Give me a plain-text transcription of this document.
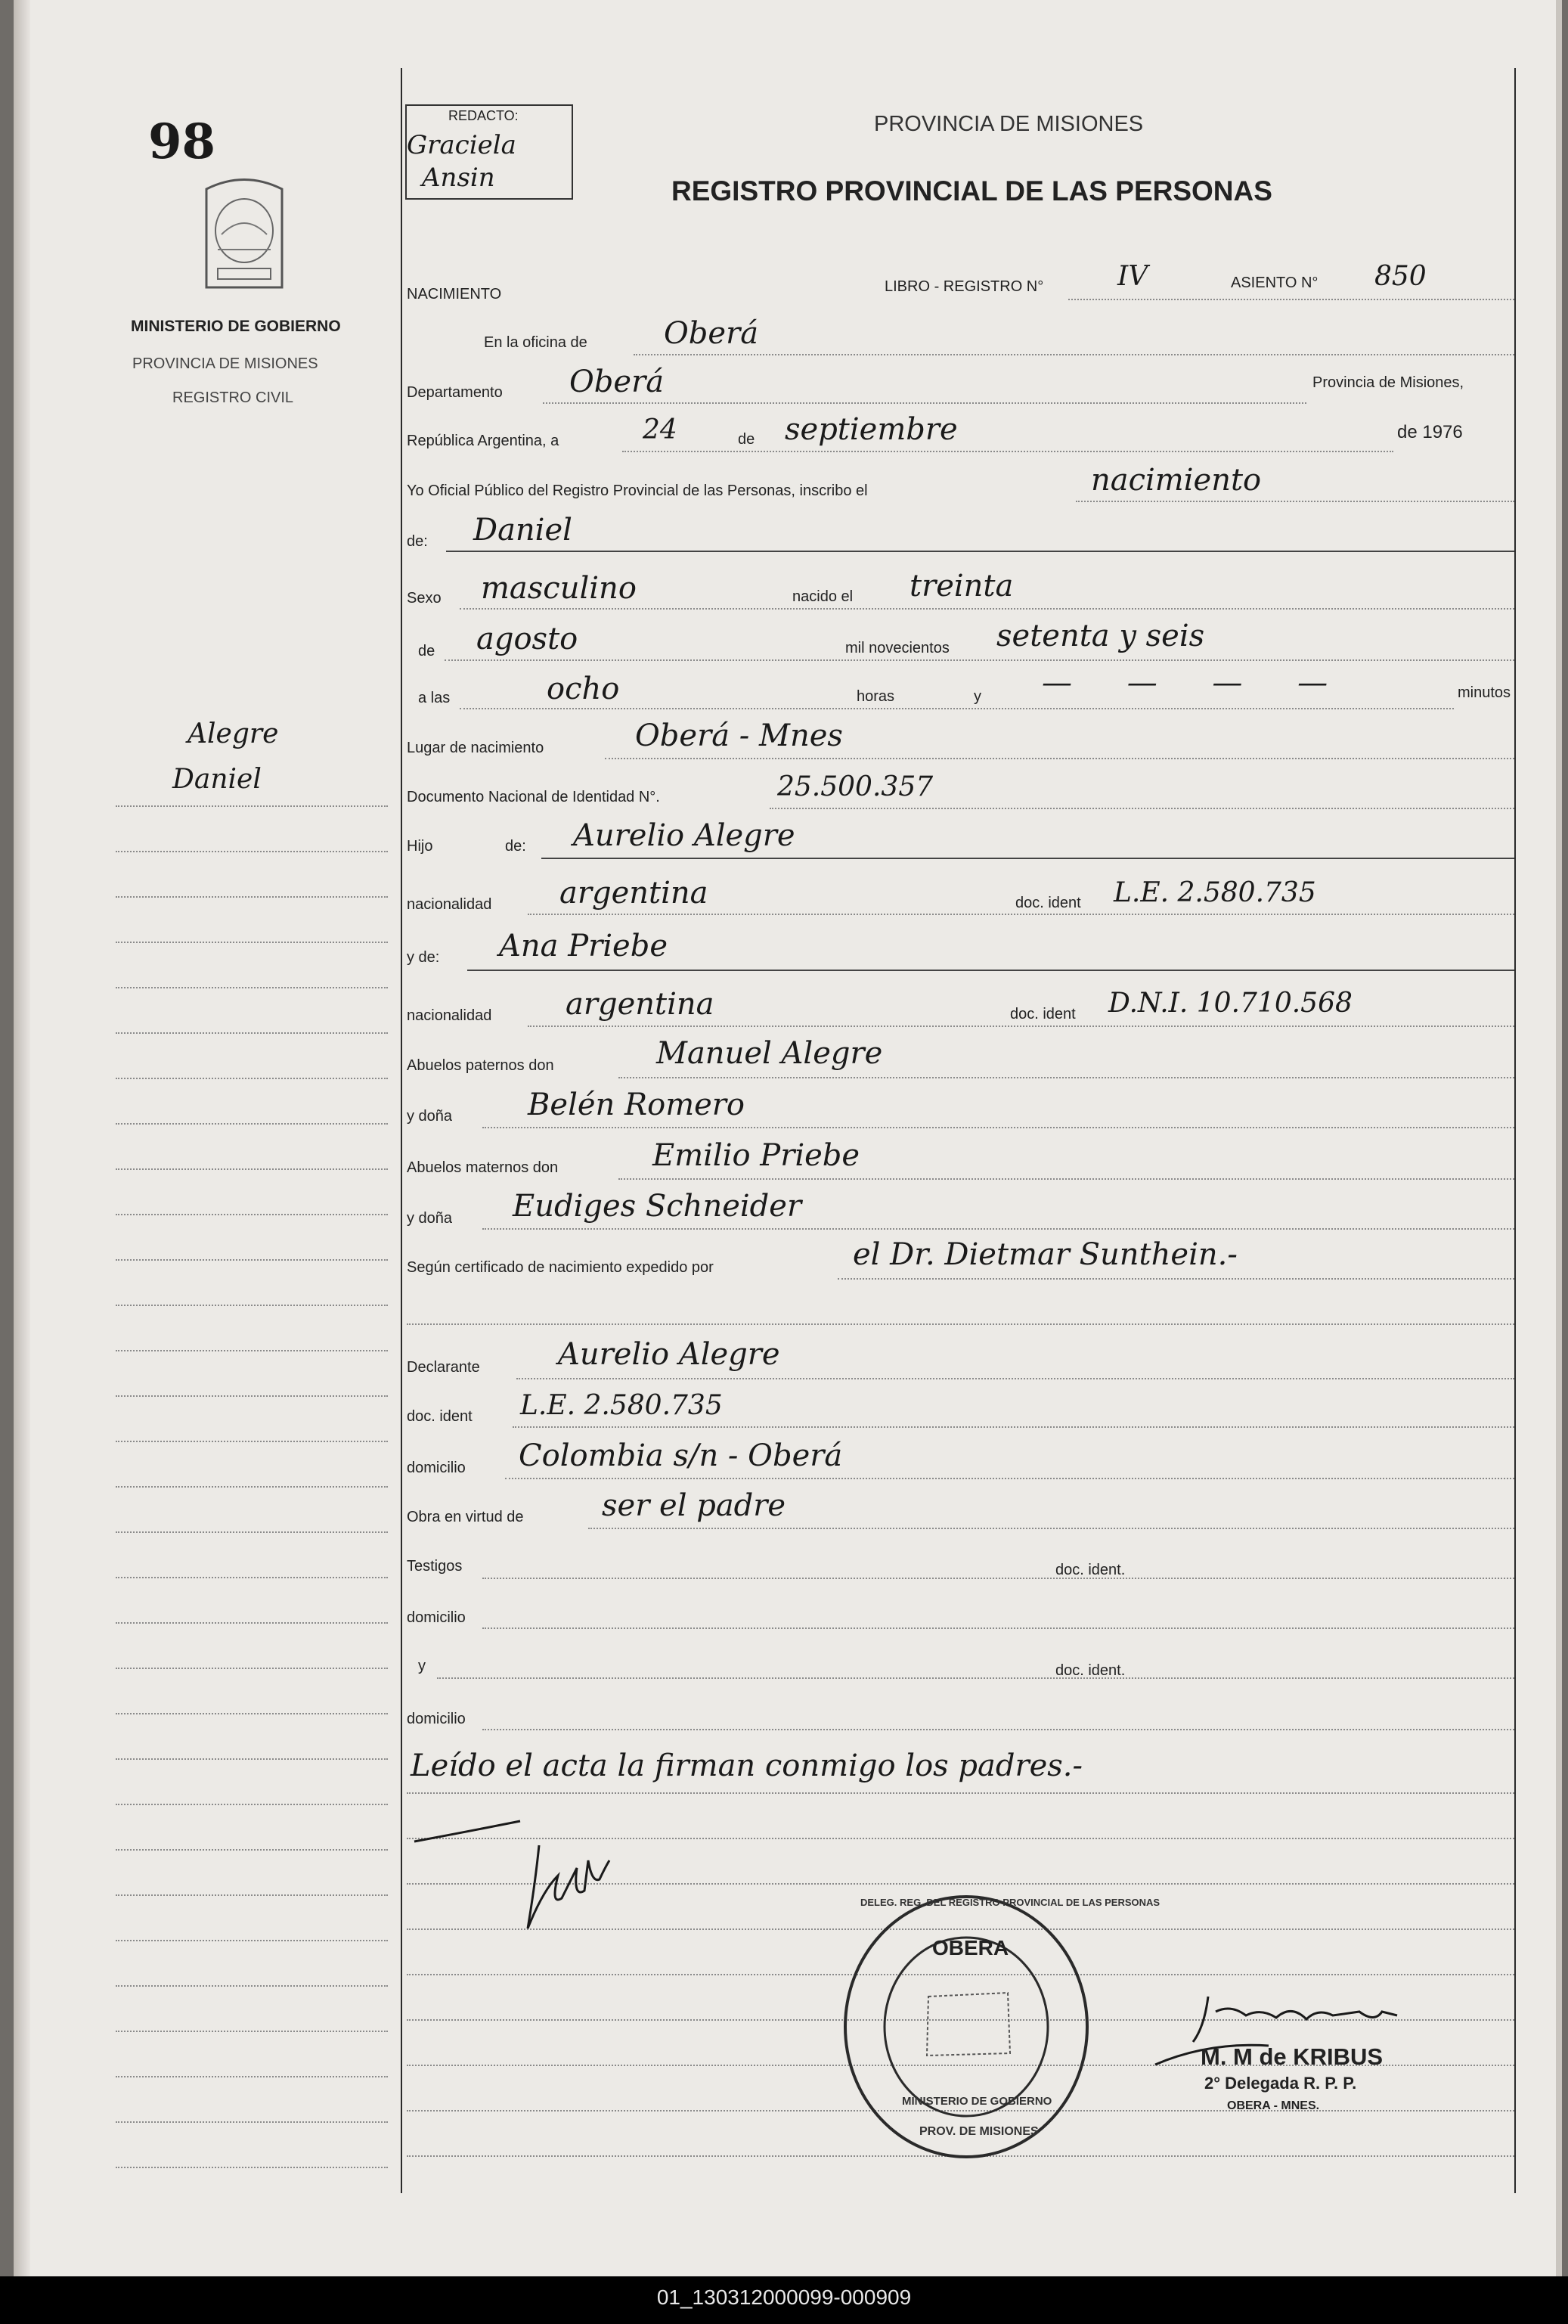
98
MINISTERIO DE GOBIERNO
PROVINCIA DE MISIONES
REGISTRO CIVIL
Alegre
Daniel
REDACTO:
Graciela
Ansin
PROVINCIA DE MISIONES
REGISTRO PROVINCIAL DE LAS PERSONAS
NACIMIENTO	LIBRO - REGISTRO N°	IV	ASIENTO N° 850
En la oficina de	Oberá
Departamento Oberá	Provincia de Misiones,
República Argentina, a	24	de septiembre	de 1976
Yo Oficial Público del Registro Provincial de las Personas, inscribo el	nacimiento
de: Daniel
Sexo masculino	nacido el treinta
de agosto	mil novecientos setenta y seis
a las	ocho	horas	y — — — —	minutos
Lugar de nacimiento	Oberá - Mnes
Documento Nacional de Identidad N°.	25.500.357
Hijo	de: Aurelio Alegre
nacionalidad argentina	doc. ident L.E. 2.580.735
y de: Ana Priebe
nacionalidad argentina	doc. ident D.N.I. 10.710.568
Abuelos paternos don	Manuel Alegre
y doña Belén Romero
Abuelos maternos don	Emilio Priebe
y doña Eudiges Schneider
Según certificado de nacimiento expedido por	el Dr. Dietmar Sunthein.-
Declarante	Aurelio Alegre
doc. ident L.E. 2.580.735
domicilio Colombia s/n - Oberá
Obra en virtud de	ser el padre
Testigos	doc. ident.
domicilio
y	doc. ident.
domicilio
Leído el acta la firman conmigo los padres.-
DELEG. REG. DEL REGISTRO PROVINCIAL DE LAS PERSONAS
OBERA
MINISTERIO DE GOBIERNO
PROV. DE MISIONES
M. M de KRIBUS
2° Delegada R. P. P.
OBERA - MNES.
01_130312000099-000909
